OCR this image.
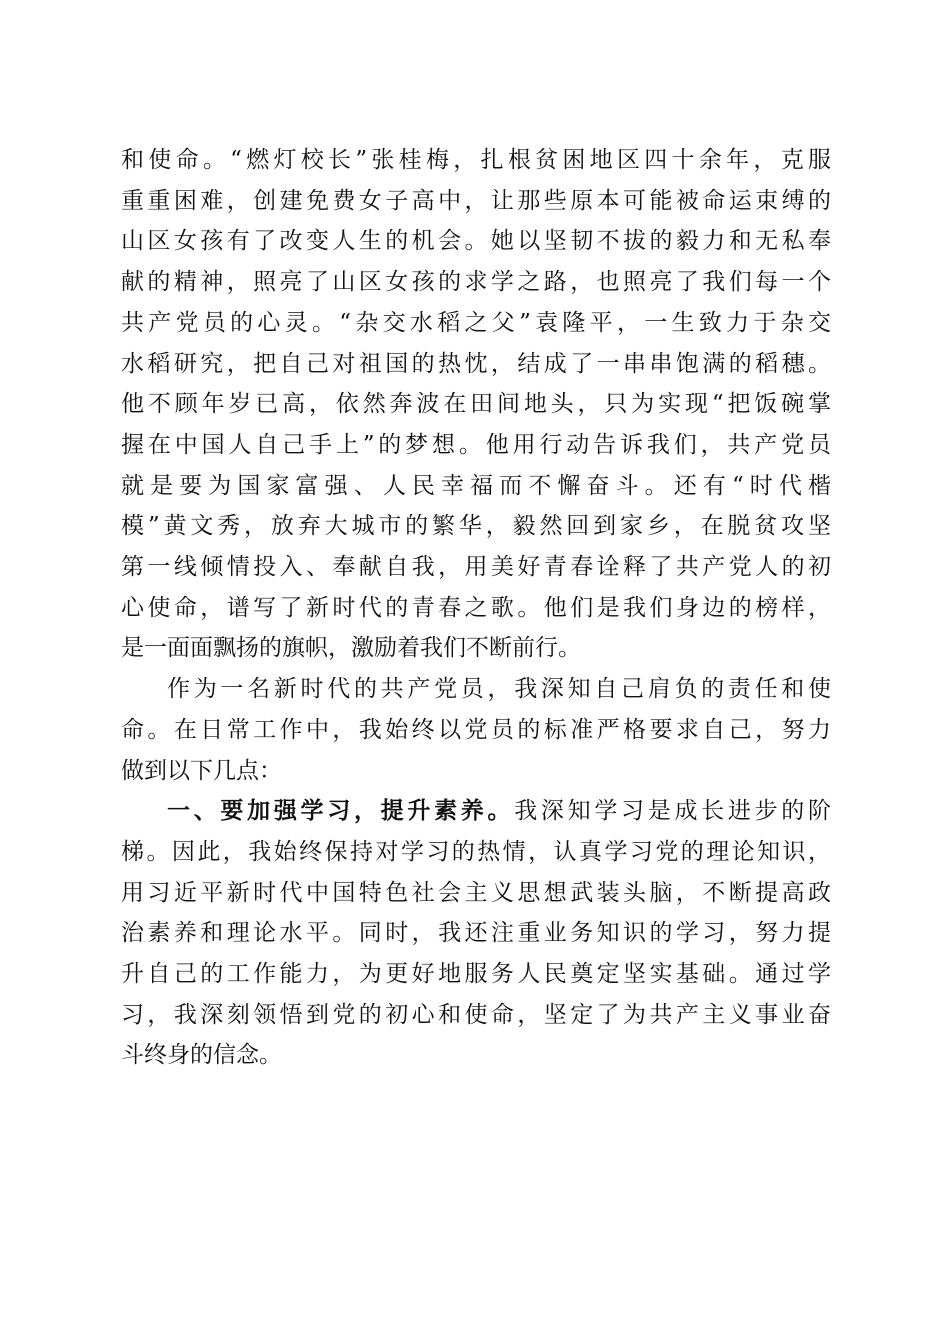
和使命。“燃灯校长”张桂梅，扎根贫困地区四十余年，克服
重重困难，创建免费女子高中，让那些原本可能被命运束缚的
山区女孩有了改变人生的机会。她以坚韧不拔的毅力和无私奉
献的精神，照亮了山区女孩的求学之路，也照亮了我们每一个
共产党员的心灵。“杂交水稻之父”袁隆平，一生致力于杂交
水稻研究，把自己对祖国的热忱，结成了一串串饱满的稻穗。
他不顾年岁已高，依然奔波在田间地头，只为实现“把饭碗掌
握在中国人自己手上”的梦想。他用行动告诉我们，共产党员
就是要为国家富强、人民幸福而不懈奋斗。还有“时代楷
模”黄文秀，放弃大城市的繁华，毅然回到家乡，在脱贫攻坚
第一线倾情投入、奉献自我，用美好青春诠释了共产党人的初
心使命，谱写了新时代的青春之歌。他们是我们身边的榜样，
是一面面飘扬的旗帜，激励着我们不断前行。

作为一名新时代的共产党员，我深知自己肩负的责任和使
命。在日常工作中，我始终以党员的标准严格要求自己，努力
做到以下几点：

一、要加强学习，提升素养。我深知学习是成长进步的阶
梯。因此，我始终保持对学习的热情，认真学习党的理论知识，
用习近平新时代中国特色社会主义思想武装头脑，不断提高政
治素养和理论水平。同时，我还注重业务知识的学习，努力提
升自己的工作能力，为更好地服务人民奠定坚实基础。通过学
习，我深刻领悟到党的初心和使命，坚定了为共产主义事业奋
斗终身的信念。
